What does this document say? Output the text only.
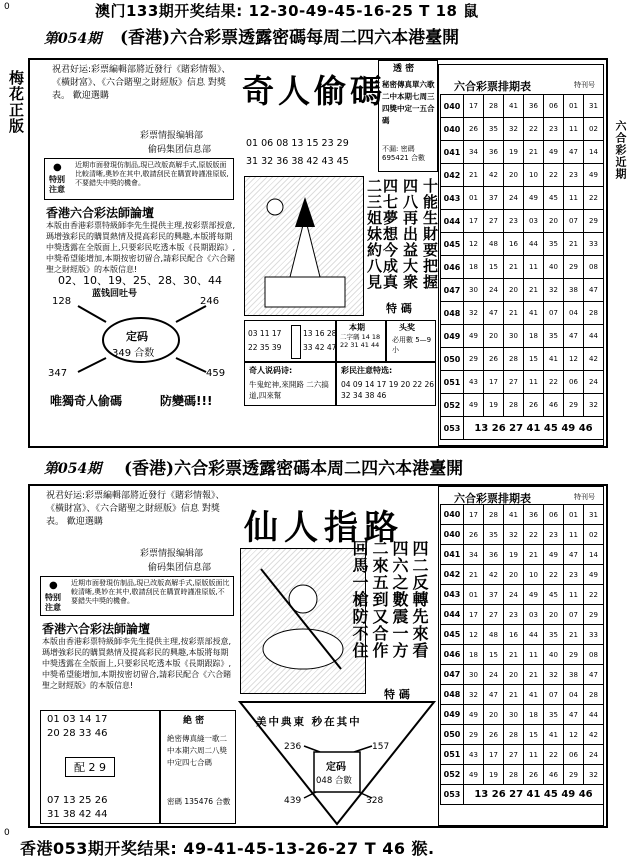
0	澳门133期开奖结果: 12-30-49-45-16-25 T 18 鼠
梅花正版
第054期 (香港)六合彩票透露密碼每周二四六本港臺開
祝君好运:彩票編輯部將近發行《賭彩情報》、《橫財富》、《六合賭聖之財經版》信息 對獎表。 歡迎選購
彩票情报编辑部
偷码集团信息部
●
特别注意
近期市面發現仿制品,現已改版高解手式,原版版面比較清晰,奧妙在其中,敬請刮民在購買時謹准原版,不要錯失中獎的機會。
香港六合彩法師論壇
本版由香港彩票特級師李先生提供主理,按彩票部授意,瑪增強彩民的購買熱情及提高彩民的興趣,本版將每期中獎透露在全版面上,只要彩民吃透本版《長期跟踪》,中獎希望能增加,本期按密切留合,請彩民配合《六合賭聖之財經版》的本版信息!
02、10、19、25、28、30、44
蓝钱回吐号
128	246
347	459
定码
349 合数
唯獨奇人偷碼	防變碼!!!
奇人偷碼
01 06 08 13 15 23 29
31 32 36 38 42 43 45
透 密
秘密傳真單六歌二中本期七周三四獎中定一五合碼
不漏: 密碼 695421 合數
十能生財要把握
四八再出益大衆
四七夢想今成真
二三姐妹約八見
特 碼
03 11 17 22 35 39
13 16 28 33 42 47
本期
二字碼 14 18 22 31 41 44
头奖
必用數 5—9小
奇人说码诗:
牛鬼蛇神,來開路 二六搞道,四來幫
彩民注意特选:
04 09 14 17 19 20 22 26 32 34 38 46
六合彩票排期表	特刊号
040	17	28	41	36	06	01	31
040	26	35	32	22	23	11	02
041	34	36	19	21	49	47	14
042	21	42	20	10	22	23	49
043	01	37	24	49	45	11	22
044	17	27	23	03	20	07	29
045	12	48	16	44	35	21	33
046	18	15	21	11	40	29	08
047	30	24	20	21	32	38	47
048	32	47	21	41	07	04	28
049	49	20	30	18	35	47	44
050	29	26	28	15	41	12	42
051	43	17	27	11	22	06	24
052	49	19	28	26	46	29	32
053	13 26 27 41 45 49 46						
六合彩近期
第054期 (香港)六合彩票透露密碼本周二四六本港臺開
祝君好运:彩票編輯部將近發行《賭彩情報》、《橫財富》、《六合賭聖之財經版》信息 對獎表。 歡迎選購
彩票情报编辑部
偷码集团信息部
●
特别注意
近期市面發現仿制品,現已改版高解手式,原版版面比較清晰,奧妙在其中,敬請刮民在購買時謹准原版,不要錯失中獎的機會。
香港六合彩法師論壇
本版由香港彩票特級師李先生提供主理,按彩票部授意,瑪增強彩民的購買熱情及提高彩民的興趣,本版將每期中獎透露在全版面上,只要彩民吃透本版《長期跟踪》,中獎希望能增加,本期按密切留合,請彩民配合《六合賭聖之財經版》的本版信息!
01 03 14 17
20 28 33 46
配 2 9
07 13 25 26
31 38 42 44
絶 密
絶密傳真縫一歌二中本期六周二八獎中定四七合碼
密碼 135476 合數
仙人指路
四二反轉先來看
四六之數震一方
二來五到又合作
回馬一槍防不住
特 碼
美中典東 秒在其中
236	157
439	328
定码
048 合數
六合彩票排期表	特刊号
040	17	28	41	36	06	01	31
040	26	35	32	22	23	11	02
041	34	36	19	21	49	47	14
042	21	42	20	10	22	23	49
043	01	37	24	49	45	11	22
044	17	27	23	03	20	07	29
045	12	48	16	44	35	21	33
046	18	15	21	11	40	29	08
047	30	24	20	21	32	38	47
048	32	47	21	41	07	04	28
049	49	20	30	18	35	47	44
050	29	26	28	15	41	12	42
051	43	17	27	11	22	06	24
052	49	19	28	26	46	29	32
053	13 26 27 41 45 49 46						
0
香港053期开奖结果: 49-41-45-13-26-27 T 46 猴.
